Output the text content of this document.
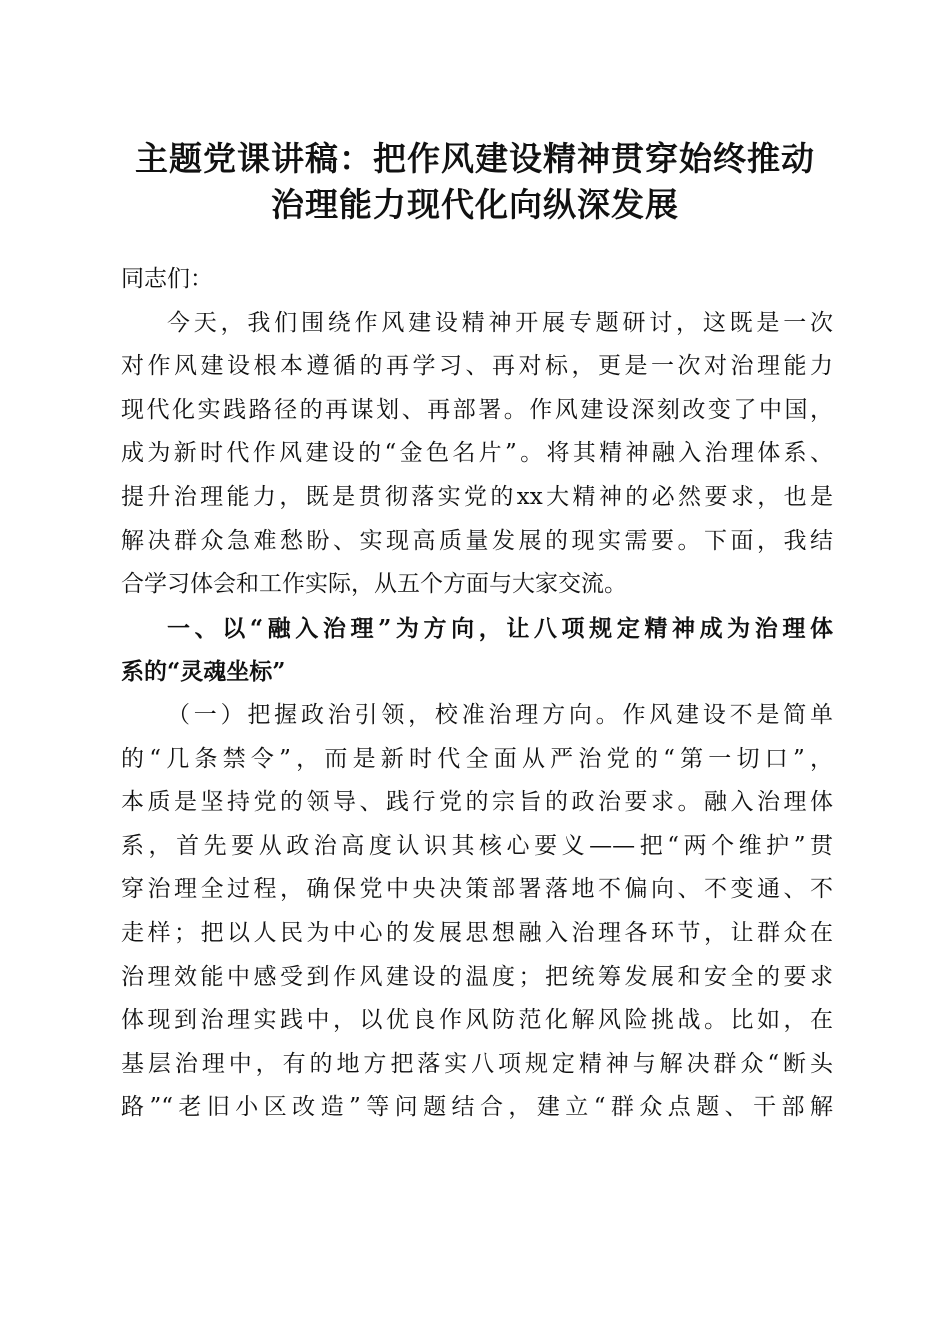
主题党课讲稿：把作风建设精神贯穿始终推动
治理能力现代化向纵深发展
同志们：
今天，我们围绕作风建设精神开展专题研讨，这既是一次
对作风建设根本遵循的再学习、再对标，更是一次对治理能力
现代化实践路径的再谋划、再部署。作风建设深刻改变了中国，
成为新时代作风建设的“金色名片”。将其精神融入治理体系、
提升治理能力，既是贯彻落实党的xx大精神的必然要求，也是
解决群众急难愁盼、实现高质量发展的现实需要。下面，我结
合学习体会和工作实际，从五个方面与大家交流。
一、以“融入治理”为方向，让八项规定精神成为治理体
系的“灵魂坐标”
（一）把握政治引领，校准治理方向。作风建设不是简单
的“几条禁令”，而是新时代全面从严治党的“第一切口”，
本质是坚持党的领导、践行党的宗旨的政治要求。融入治理体
系，首先要从政治高度认识其核心要义——把“两个维护”贯
穿治理全过程，确保党中央决策部署落地不偏向、不变通、不
走样；把以人民为中心的发展思想融入治理各环节，让群众在
治理效能中感受到作风建设的温度；把统筹发展和安全的要求
体现到治理实践中，以优良作风防范化解风险挑战。比如，在
基层治理中，有的地方把落实八项规定精神与解决群众“断头
路”“老旧小区改造”等问题结合，建立“群众点题、干部解
